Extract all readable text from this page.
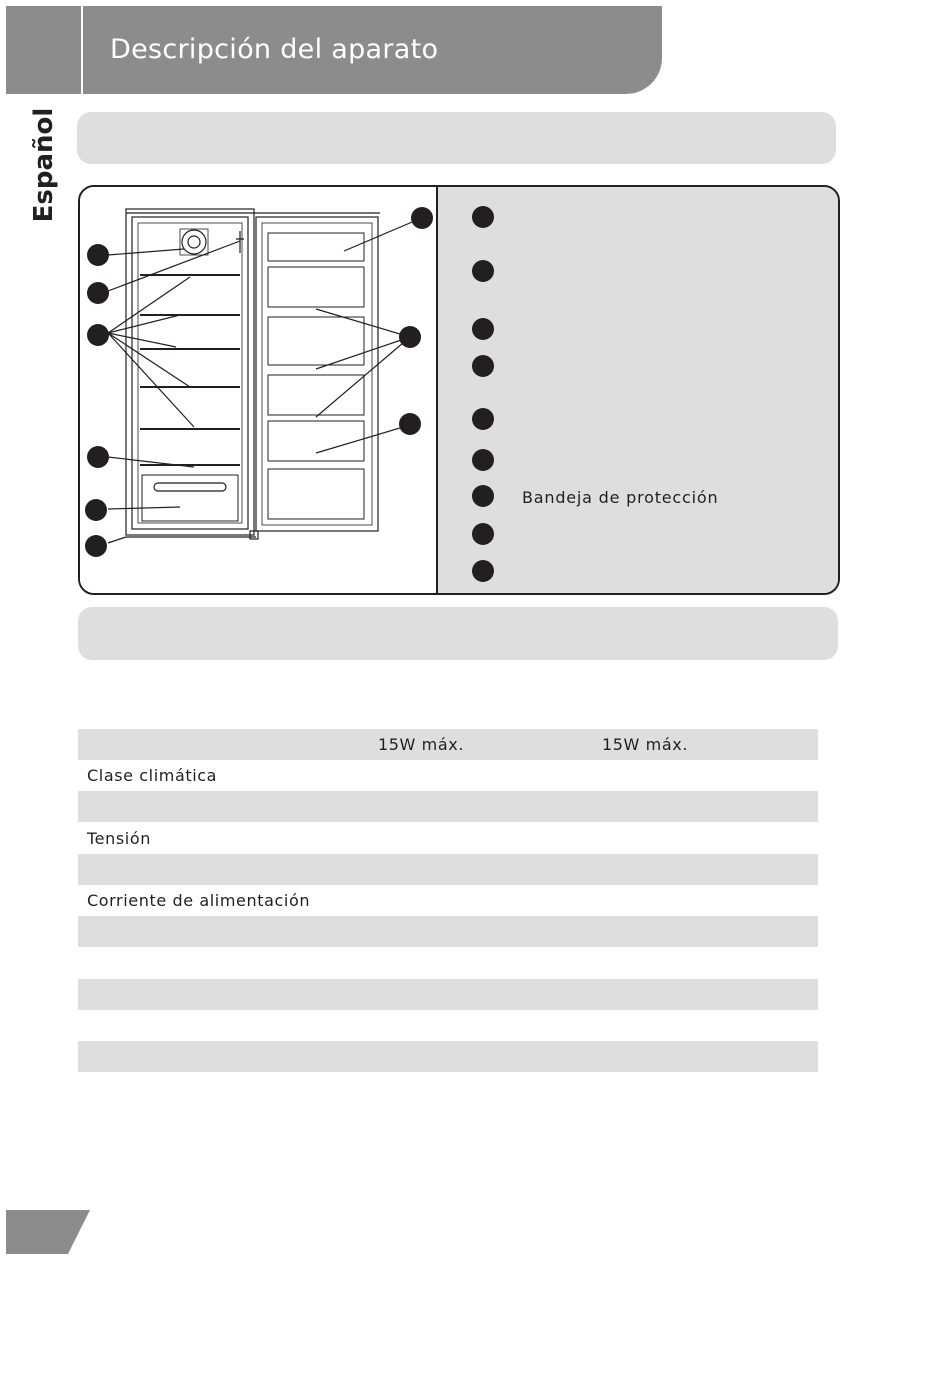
Descripción del aparato
Español
Bandeja de protección
15W máx.	15W máx.
Clase climática
Tensión
Corriente de alimentación
